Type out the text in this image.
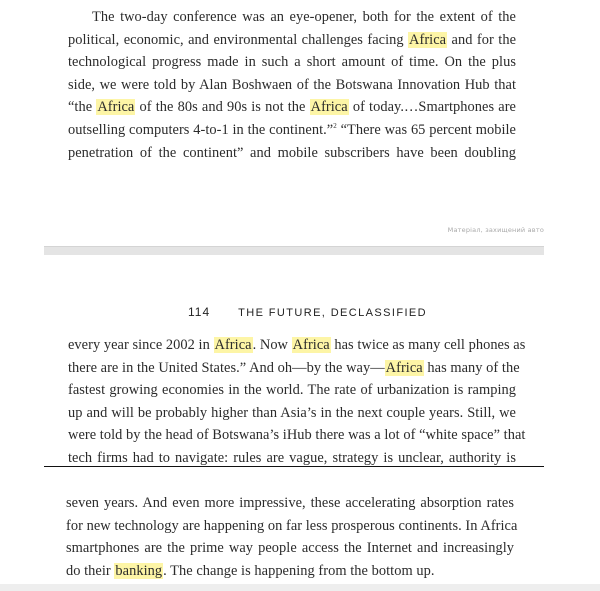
The two-day conference was an eye-opener, both for the extent of the
political, economic, and environmental challenges facing Africa and for the
technological progress made in such a short amount of time. On the plus
side, we were told by Alan Boshwaen of the Botswana Innovation Hub that
“the Africa of the 80s and 90s is not the Africa of today.…Smartphones are
outselling computers 4-to-1 in the continent.”$^2$ “There was 65 percent mobile
penetration of the continent” and mobile subscribers have been doubling
Матеріал, захищений авто
114	THE FUTURE, DECLASSIFIED
every year since 2002 in Africa. Now Africa has twice as many cell phones as
there are in the United States.” And oh—by the way—Africa has many of the
fastest growing economies in the world. The rate of urbanization is ramping
up and will be probably higher than Asia’s in the next couple years. Still, we
were told by the head of Botswana’s iHub there was a lot of “white space” that
tech firms had to navigate: rules are vague, strategy is unclear, authority is
seven years. And even more impressive, these accelerating absorption rates
for new technology are happening on far less prosperous continents. In Africa
smartphones are the prime way people access the Internet and increasingly
do their banking. The change is happening from the bottom up.
